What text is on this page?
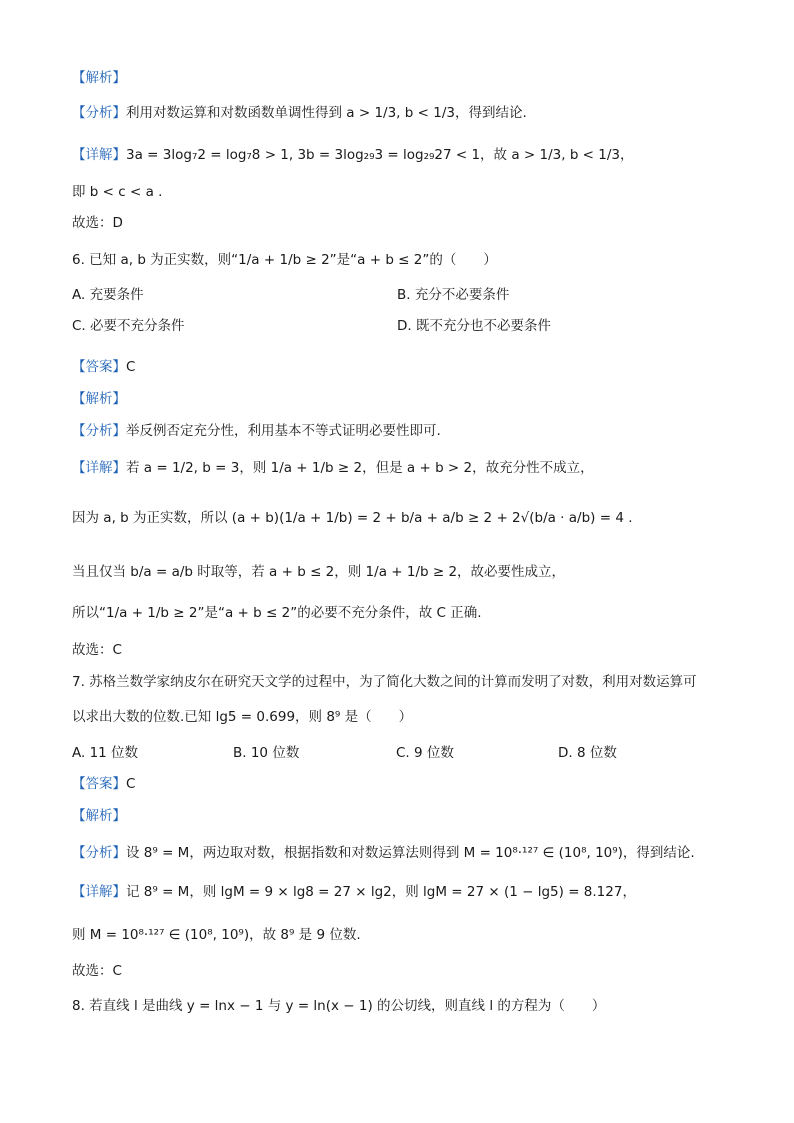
【解析】
【分析】利用对数运算和对数函数单调性得到 a > 1/3, b < 1/3，得到结论.
【详解】3a = 3log₇2 = log₇8 > 1, 3b = 3log₂₉3 = log₂₉27 < 1，故 a > 1/3, b < 1/3，
即 b < c < a .
故选：D
6. 已知 a, b 为正实数，则“1/a + 1/b ≥ 2”是“a + b ≤ 2”的（　　）
A. 充要条件	B. 充分不必要条件
C. 必要不充分条件	D. 既不充分也不必要条件
【答案】C
【解析】
【分析】举反例否定充分性，利用基本不等式证明必要性即可.
【详解】若 a = 1/2, b = 3，则 1/a + 1/b ≥ 2，但是 a + b > 2，故充分性不成立，
因为 a, b 为正实数，所以 (a + b)(1/a + 1/b) = 2 + b/a + a/b ≥ 2 + 2√(b/a · a/b) = 4 .
当且仅当 b/a = a/b 时取等，若 a + b ≤ 2，则 1/a + 1/b ≥ 2，故必要性成立，
所以“1/a + 1/b ≥ 2”是“a + b ≤ 2”的必要不充分条件，故 C 正确.
故选：C
7. 苏格兰数学家纳皮尔在研究天文学的过程中，为了简化大数之间的计算而发明了对数，利用对数运算可
以求出大数的位数.已知 lg5 = 0.699，则 8⁹ 是（　　）
A. 11 位数	B. 10 位数	C. 9 位数	D. 8 位数
【答案】C
【解析】
【分析】设 8⁹ = M，两边取对数，根据指数和对数运算法则得到 M = 10⁸·¹²⁷ ∈ (10⁸, 10⁹)，得到结论.
【详解】记 8⁹ = M，则 lgM = 9 × lg8 = 27 × lg2，则 lgM = 27 × (1 − lg5) = 8.127，
则 M = 10⁸·¹²⁷ ∈ (10⁸, 10⁹)，故 8⁹ 是 9 位数.
故选：C
8. 若直线 l 是曲线 y = lnx − 1 与 y = ln(x − 1) 的公切线，则直线 l 的方程为（　　）
